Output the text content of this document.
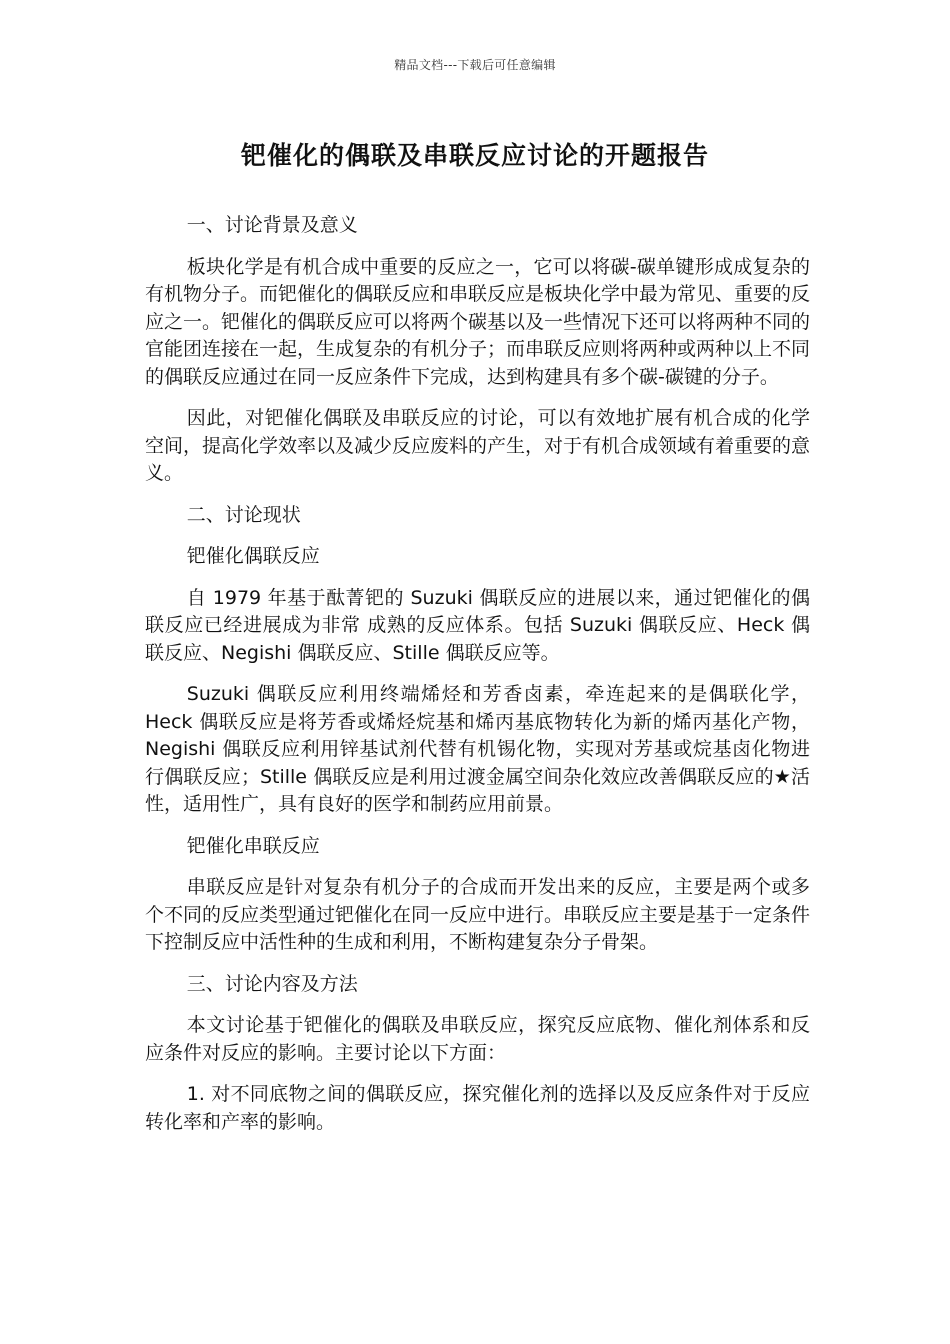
精品文档---下载后可任意编辑
钯催化的偶联及串联反应讨论的开题报告

一、讨论背景及意义

板块化学是有机合成中重要的反应之一，它可以将碳-碳单键形成成复杂的有机物分子。而钯催化的偶联反应和串联反应是板块化学中最为常见、重要的反应之一。钯催化的偶联反应可以将两个碳基以及一些情况下还可以将两种不同的官能团连接在一起，生成复杂的有机分子；而串联反应则将两种或两种以上不同的偶联反应通过在同一反应条件下完成，达到构建具有多个碳-碳键的分子。

因此，对钯催化偶联及串联反应的讨论，可以有效地扩展有机合成的化学空间，提高化学效率以及减少反应废料的产生，对于有机合成领域有着重要的意义。

二、讨论现状

钯催化偶联反应

自 1979 年基于酞菁钯的 Suzuki 偶联反应的进展以来，通过钯催化的偶联反应已经进展成为非常 成熟的反应体系。包括 Suzuki 偶联反应、Heck 偶联反应、Negishi 偶联反应、Stille 偶联反应等。

Suzuki 偶联反应利用终端烯烃和芳香卤素，牵连起来的是偶联化学，Heck 偶联反应是将芳香或烯烃烷基和烯丙基底物转化为新的烯丙基化产物，Negishi 偶联反应利用锌基试剂代替有机锡化物，实现对芳基或烷基卤化物进行偶联反应；Stille 偶联反应是利用过渡金属空间杂化效应改善偶联反应的★活性，适用性广，具有良好的医学和制药应用前景。

钯催化串联反应

串联反应是针对复杂有机分子的合成而开发出来的反应，主要是两个或多个不同的反应类型通过钯催化在同一反应中进行。串联反应主要是基于一定条件下控制反应中活性种的生成和利用，不断构建复杂分子骨架。

三、讨论内容及方法

本文讨论基于钯催化的偶联及串联反应，探究反应底物、催化剂体系和反应条件对反应的影响。主要讨论以下方面：

1. 对不同底物之间的偶联反应，探究催化剂的选择以及反应条件对于反应转化率和产率的影响。
